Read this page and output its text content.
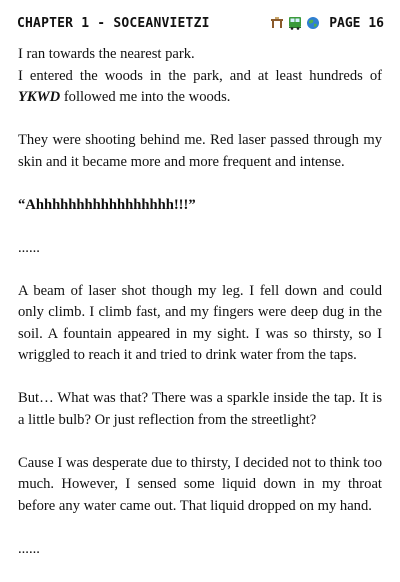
CHAPTER 1 - SOCEANVIETZI	PAGE 16

I ran towards the nearest park.
I entered the woods in the park, and at least hundreds of YKWD followed me into the woods.

They were shooting behind me. Red laser passed through my skin and it became more and more frequent and intense.

“Ahhhhhhhhhhhhhhhhh!!!”

......

A beam of laser shot though my leg. I fell down and could only climb. I climb fast, and my fingers were deep dug in the soil. A fountain appeared in my sight. I was so thirsty, so I wriggled to reach it and tried to drink water from the taps.

But… What was that? There was a sparkle inside the tap. It is a little bulb? Or just reflection from the streetlight?

Cause I was desperate due to thirsty, I decided not to think too much. However, I sensed some liquid down in my throat before any water came out. That liquid dropped on my hand.

......
